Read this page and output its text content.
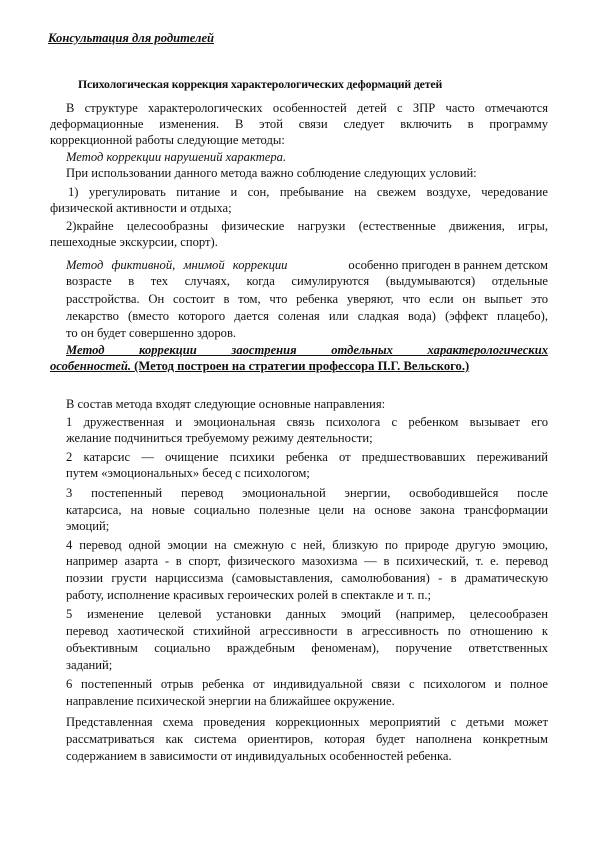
Консультация для родителей
Психологическая коррекция характерологических деформаций детей
В структуре характерологических особенностей детей с ЗПР часто отмечаются
деформационные изменения. В этой связи следует включить в программу
коррекционной работы следующие методы:
Метод коррекции нарушений характера.
При использовании данного метода важно соблюдение следующих условий:
1) урегулировать питание и сон, пребывание на свежем воздухе, чередование
физической активности и отдыха;
2)крайне целесообразны физические нагрузки (естественные движения, игры,
пешеходные экскурсии, спорт).
Метод фиктивной, мнимой коррекции	особенно пригоден в раннем детском
возрасте в тех случаях, когда симулируются (выдумываются) отдельные
расстройства. Он состоит в том, что ребенка уверяют, что если он выпьет это
лекарство (вместо которого дается соленая или сладкая вода) (эффект плацебо),
то он будет совершенно здоров.
Метод коррекции заострения отдельных характерологических
особенностей. (Метод построен на стратегии профессора П.Г. Вельского.)
В состав метода входят следующие основные направления:
1 дружественная и эмоциональная связь психолога с ребенком вызывает его
желание подчиниться требуемому режиму деятельности;
2 катарсис — очищение психики ребенка от предшествовавших переживаний
путем «эмоциональных» бесед с психологом;
3 постепенный перевод эмоциональной энергии, освободившейся после
катарсиса, на новые социально полезные цели на основе закона трансформации
эмоций;
4 перевод одной эмоции на смежную с ней, близкую по природе другую эмоцию,
например азарта - в спорт, физического мазохизма — в психический, т. е. перевод
поэзии грусти нарциссизма (самовыставления, самолюбования) - в драматическую
работу, исполнение красивых героических ролей в спектакле и т. п.;
5 изменение целевой установки данных эмоций (например, целесообразен
перевод хаотической стихийной агрессивности в агрессивность по отношению к
объективным социально враждебным феноменам), поручение ответственных
заданий;
6 постепенный отрыв ребенка от индивидуальной связи с психологом и полное
направление психической энергии на ближайшее окружение.
Представленная схема проведения коррекционных мероприятий с детьми может
рассматриваться как система ориентиров, которая будет наполнена конкретным
содержанием в зависимости от индивидуальных особенностей ребенка.
